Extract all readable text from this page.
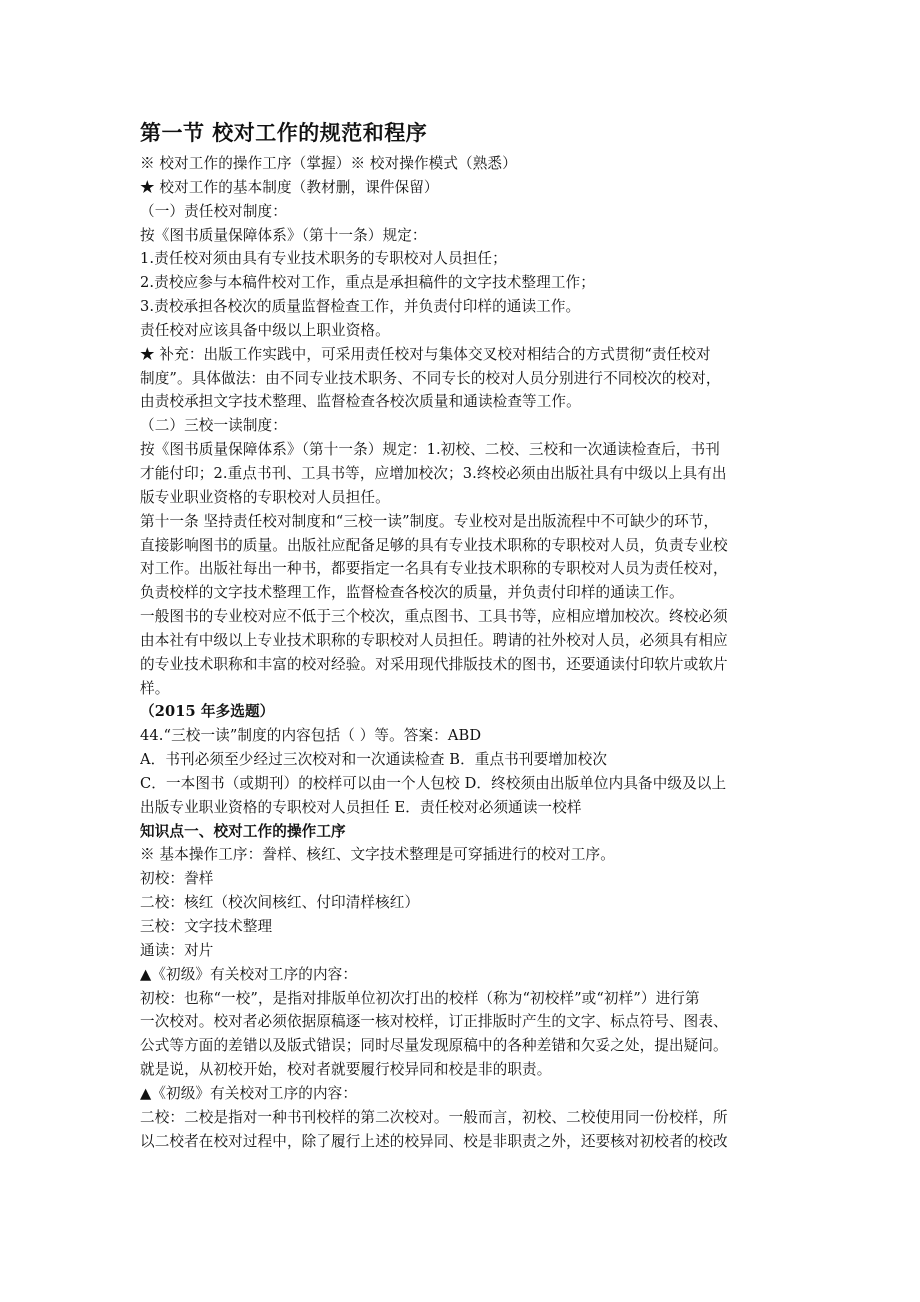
第一节 校对工作的规范和程序

※ 校对工作的操作工序（掌握）※ 校对操作模式（熟悉）

★ 校对工作的基本制度（教材删，课件保留）

（一）责任校对制度：

按《图书质量保障体系》（第十一条）规定：

1.责任校对须由具有专业技术职务的专职校对人员担任；

2.责校应参与本稿件校对工作，重点是承担稿件的文字技术整理工作；

3.责校承担各校次的质量监督检查工作，并负责付印样的通读工作。

责任校对应该具备中级以上职业资格。

★ 补充：出版工作实践中，可采用责任校对与集体交叉校对相结合的方式贯彻“责任校对

制度”。具体做法：由不同专业技术职务、不同专长的校对人员分别进行不同校次的校对，

由责校承担文字技术整理、监督检查各校次质量和通读检查等工作。

（二）三校一读制度：

按《图书质量保障体系》（第十一条）规定：1.初校、二校、三校和一次通读检查后，书刊

才能付印；2.重点书刊、工具书等，应增加校次；3.终校必须由出版社具有中级以上具有出

版专业职业资格的专职校对人员担任。

第十一条 坚持责任校对制度和“三校一读”制度。专业校对是出版流程中不可缺少的环节，

直接影响图书的质量。出版社应配备足够的具有专业技术职称的专职校对人员，负责专业校

对工作。出版社每出一种书，都要指定一名具有专业技术职称的专职校对人员为责任校对，

负责校样的文字技术整理工作，监督检查各校次的质量，并负责付印样的通读工作。

一般图书的专业校对应不低于三个校次，重点图书、工具书等，应相应增加校次。终校必须

由本社有中级以上专业技术职称的专职校对人员担任。聘请的社外校对人员，必须具有相应

的专业技术职称和丰富的校对经验。对采用现代排版技术的图书，还要通读付印软片或软片

样。

（2015 年多选题）

44.“三校一读”制度的内容包括（ ）等。答案：ABD

A．书刊必须至少经过三次校对和一次通读检查 B．重点书刊要增加校次

C．一本图书（或期刊）的校样可以由一个人包校 D．终校须由出版单位内具备中级及以上

出版专业职业资格的专职校对人员担任 E．责任校对必须通读一校样

知识点一、校对工作的操作工序

※ 基本操作工序：誊样、核红、文字技术整理是可穿插进行的校对工序。

初校：誊样

二校：核红（校次间核红、付印清样核红）

三校：文字技术整理

通读：对片

▲《初级》有关校对工序的内容：

初校：也称“一校”，是指对排版单位初次打出的校样（称为“初校样”或“初样”）进行第

一次校对。校对者必须依据原稿逐一核对校样，订正排版时产生的文字、标点符号、图表、

公式等方面的差错以及版式错误；同时尽量发现原稿中的各种差错和欠妥之处，提出疑问。

就是说，从初校开始，校对者就要履行校异同和校是非的职责。

▲《初级》有关校对工序的内容：

二校：二校是指对一种书刊校样的第二次校对。一般而言，初校、二校使用同一份校样，所

以二校者在校对过程中，除了履行上述的校异同、校是非职责之外，还要核对初校者的校改
